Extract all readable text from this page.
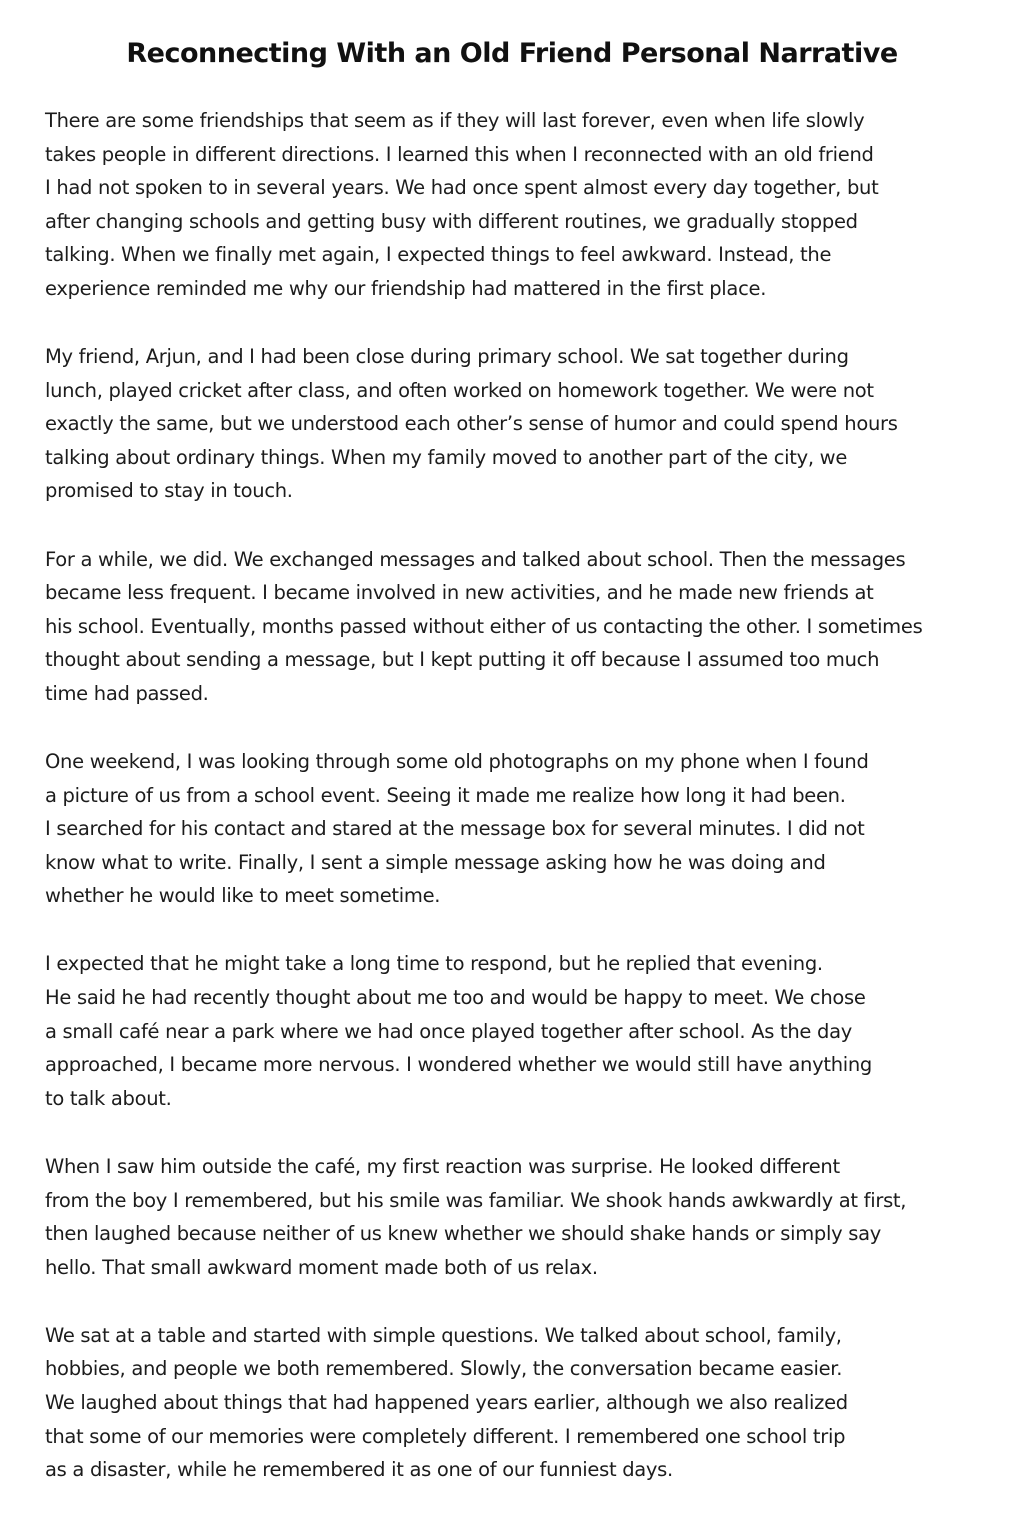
Reconnecting With an Old Friend Personal Narrative

There are some friendships that seem as if they will last forever, even when life slowly
takes people in different directions. I learned this when I reconnected with an old friend
I had not spoken to in several years. We had once spent almost every day together, but
after changing schools and getting busy with different routines, we gradually stopped
talking. When we finally met again, I expected things to feel awkward. Instead, the
experience reminded me why our friendship had mattered in the first place.

My friend, Arjun, and I had been close during primary school. We sat together during
lunch, played cricket after class, and often worked on homework together. We were not
exactly the same, but we understood each other’s sense of humor and could spend hours
talking about ordinary things. When my family moved to another part of the city, we
promised to stay in touch.

For a while, we did. We exchanged messages and talked about school. Then the messages
became less frequent. I became involved in new activities, and he made new friends at
his school. Eventually, months passed without either of us contacting the other. I sometimes
thought about sending a message, but I kept putting it off because I assumed too much
time had passed.

One weekend, I was looking through some old photographs on my phone when I found
a picture of us from a school event. Seeing it made me realize how long it had been.
I searched for his contact and stared at the message box for several minutes. I did not
know what to write. Finally, I sent a simple message asking how he was doing and
whether he would like to meet sometime.

I expected that he might take a long time to respond, but he replied that evening.
He said he had recently thought about me too and would be happy to meet. We chose
a small café near a park where we had once played together after school. As the day
approached, I became more nervous. I wondered whether we would still have anything
to talk about.

When I saw him outside the café, my first reaction was surprise. He looked different
from the boy I remembered, but his smile was familiar. We shook hands awkwardly at first,
then laughed because neither of us knew whether we should shake hands or simply say
hello. That small awkward moment made both of us relax.

We sat at a table and started with simple questions. We talked about school, family,
hobbies, and people we both remembered. Slowly, the conversation became easier.
We laughed about things that had happened years earlier, although we also realized
that some of our memories were completely different. I remembered one school trip
as a disaster, while he remembered it as one of our funniest days.
